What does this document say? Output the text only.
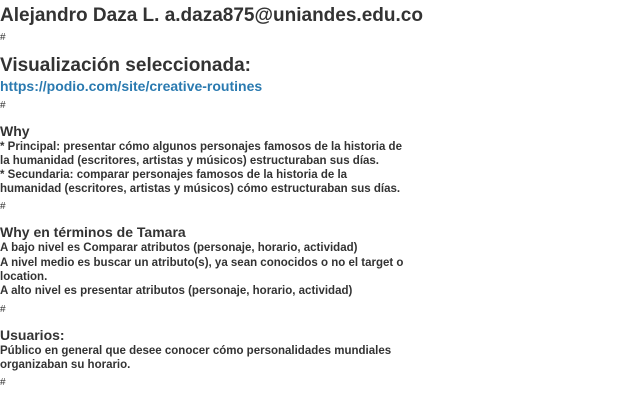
Alejandro Daza L. a.daza875@uniandes.edu.co
#
Visualización seleccionada:
https://podio.com/site/creative-routines
#
Why

* Principal: presentar cómo algunos personajes famosos de la historia de la humanidad (escritores, artistas y músicos) estructuraban sus días.

* Secundaria: comparar personajes famosos de la historia de la humanidad (escritores, artistas y músicos) cómo estructuraban sus días.

#
Why en términos de Tamara

A bajo nivel es Comparar atributos (personaje, horario, actividad)

A nivel medio es buscar un atributo(s), ya sean conocidos o no el target o location.

A alto nivel es presentar atributos (personaje, horario, actividad)

#
Usuarios:

Público en general que desee conocer cómo personalidades mundiales organizaban su horario.

#
